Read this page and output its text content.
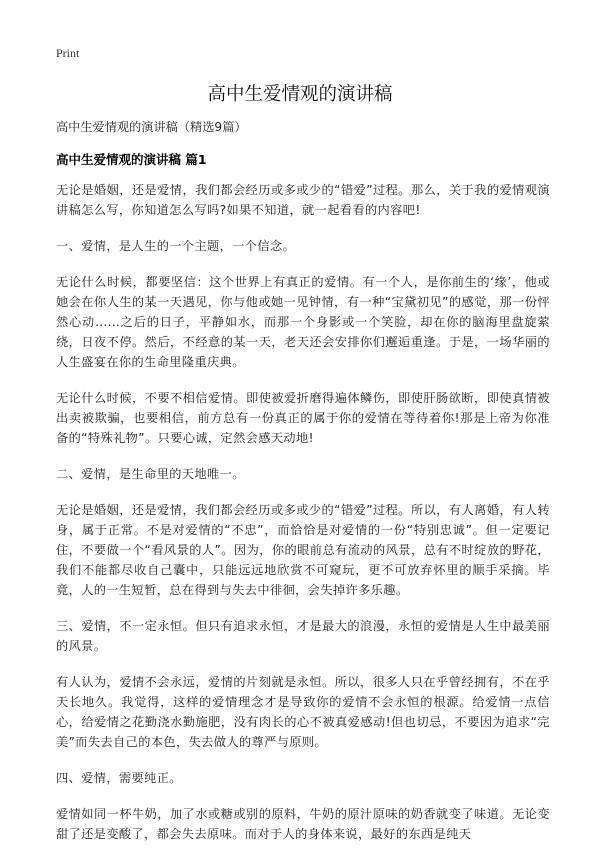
Print
高中生爱情观的演讲稿
高中生爱情观的演讲稿（精选9篇）
高中生爱情观的演讲稿 篇1

无论是婚姻，还是爱情，我们都会经历或多或少的“错爱”过程。那么，关于我的爱情观演讲稿怎么写，你知道怎么写吗?如果不知道，就一起看看的内容吧!

一、爱情，是人生的一个主题，一个信念。

无论什么时候，都要坚信：这个世界上有真正的爱情。有一个人，是你前生的‘缘’，他或她会在你人生的某一天遇见，你与他或她一见钟情，有一种“宝黛初见”的感觉，那一份怦然心动……之后的日子，平静如水，而那一个身影或一个笑脸，却在你的脑海里盘旋萦绕，日夜不停。然后，不经意的某一天，老天还会安排你们邂逅重逢。于是，一场华丽的人生盛宴在你的生命里隆重庆典。

无论什么时候，不要不相信爱情。即使被爱折磨得遍体鳞伤，即使肝肠欲断，即使真情被出卖被欺骗，也要相信，前方总有一份真正的属于你的爱情在等待着你!那是上帝为你准备的“特殊礼物”。只要心诚，定然会感天动地!

二、爱情，是生命里的天地唯一。

无论是婚姻，还是爱情，我们都会经历或多或少的“错爱”过程。所以，有人离婚，有人转身，属于正常。不是对爱情的“不忠”，而恰恰是对爱情的一份“特别忠诚”。但一定要记住，不要做一个“看风景的人”。因为，你的眼前总有流动的风景，总有不时绽放的野花，我们不能都尽收自己囊中，只能远远地欣赏不可窥玩，更不可放弃怀里的顺手采摘。毕竟，人的一生短暂，总在得到与失去中徘徊，会失掉许多乐趣。

三、爱情，不一定永恒。但只有追求永恒，才是最大的浪漫，永恒的爱情是人生中最美丽的风景。

有人认为，爱情不会永远，爱情的片刻就是永恒。所以，很多人只在乎曾经拥有，不在乎天长地久。我觉得，这样的爱情理念才是导致你的爱情不会永恒的根源。给爱情一点信心，给爱情之花勤浇水勤施肥，没有肉长的心不被真爱感动!但也切忌，不要因为追求“完美”而失去自己的本色，失去做人的尊严与原则。

四、爱情，需要纯正。

爱情如同一杯牛奶，加了水或糖或别的原料，牛奶的原汁原味的奶香就变了味道。无论变甜了还是变酸了，都会失去原味。而对于人的身体来说，最好的东西是纯天
